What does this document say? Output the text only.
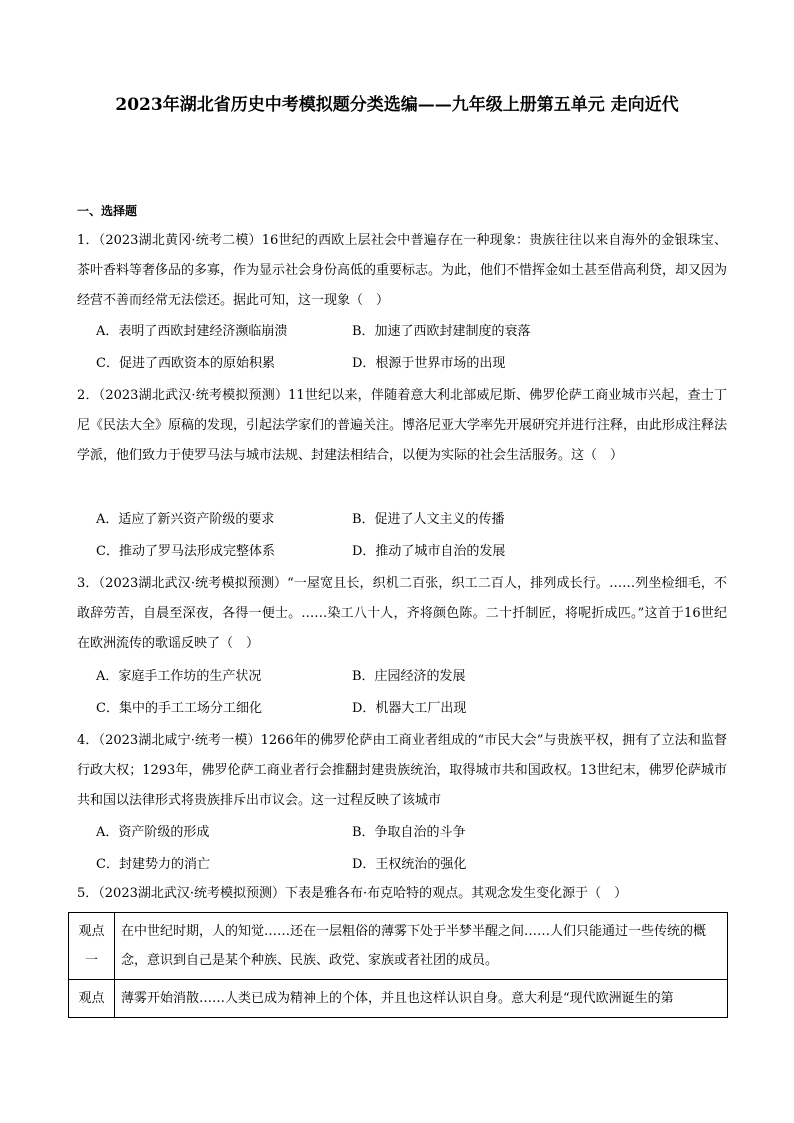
2023年湖北省历史中考模拟题分类选编——九年级上册第五单元 走向近代
一、选择题
1．（2023湖北黄冈·统考二模）16世纪的西欧上层社会中普遍存在一种现象：贵族往往以来自海外的金银珠宝、茶叶香料等奢侈品的多寡，作为显示社会身份高低的重要标志。为此，他们不惜挥金如土甚至借高利贷，却又因为经营不善而经常无法偿还。据此可知，这一现象（　）
A．表明了西欧封建经济濒临崩溃	B．加速了西欧封建制度的衰落
C．促进了西欧资本的原始积累	D．根源于世界市场的出现
2．（2023湖北武汉·统考模拟预测）11世纪以来，伴随着意大利北部威尼斯、佛罗伦萨工商业城市兴起，查士丁尼《民法大全》原稿的发现，引起法学家们的普遍关注。博洛尼亚大学率先开展研究并进行注释，由此形成注释法学派，他们致力于使罗马法与城市法规、封建法相结合，以便为实际的社会生活服务。这（　）
A．适应了新兴资产阶级的要求	B．促进了人文主义的传播
C．推动了罗马法形成完整体系	D．推动了城市自治的发展
3．（2023湖北武汉·统考模拟预测）“一屋宽且长，织机二百张，织工二百人，排列成长行。……列坐检细毛，不敢辞劳苦，自晨至深夜，各得一便士。……染工八十人，齐将颜色陈。二十扦制匠，将呢折成匹。”这首于16世纪在欧洲流传的歌谣反映了（　）
A．家庭手工作坊的生产状况	B．庄园经济的发展
C．集中的手工工场分工细化	D．机器大工厂出现
4．（2023湖北咸宁·统考一模）1266年的佛罗伦萨由工商业者组成的“市民大会”与贵族平权，拥有了立法和监督行政大权；1293年，佛罗伦萨工商业者行会推翻封建贵族统治，取得城市共和国政权。13世纪末，佛罗伦萨城市共和国以法律形式将贵族排斥出市议会。这一过程反映了该城市
A．资产阶级的形成	B．争取自治的斗争
C．封建势力的消亡	D．王权统治的强化
5．（2023湖北武汉·统考模拟预测）下表是雅各布·布克哈特的观点。其观念发生变化源于（　）
观点一	在中世纪时期，人的知觉……还在一层粗俗的薄雾下处于半梦半醒之间……人们只能通过一些传统的概念，意识到自己是某个种族、民族、政党、家族或者社团的成员。
观点	薄雾开始消散……人类已成为精神上的个体，并且也这样认识自身。意大利是“现代欧洲诞生的第
